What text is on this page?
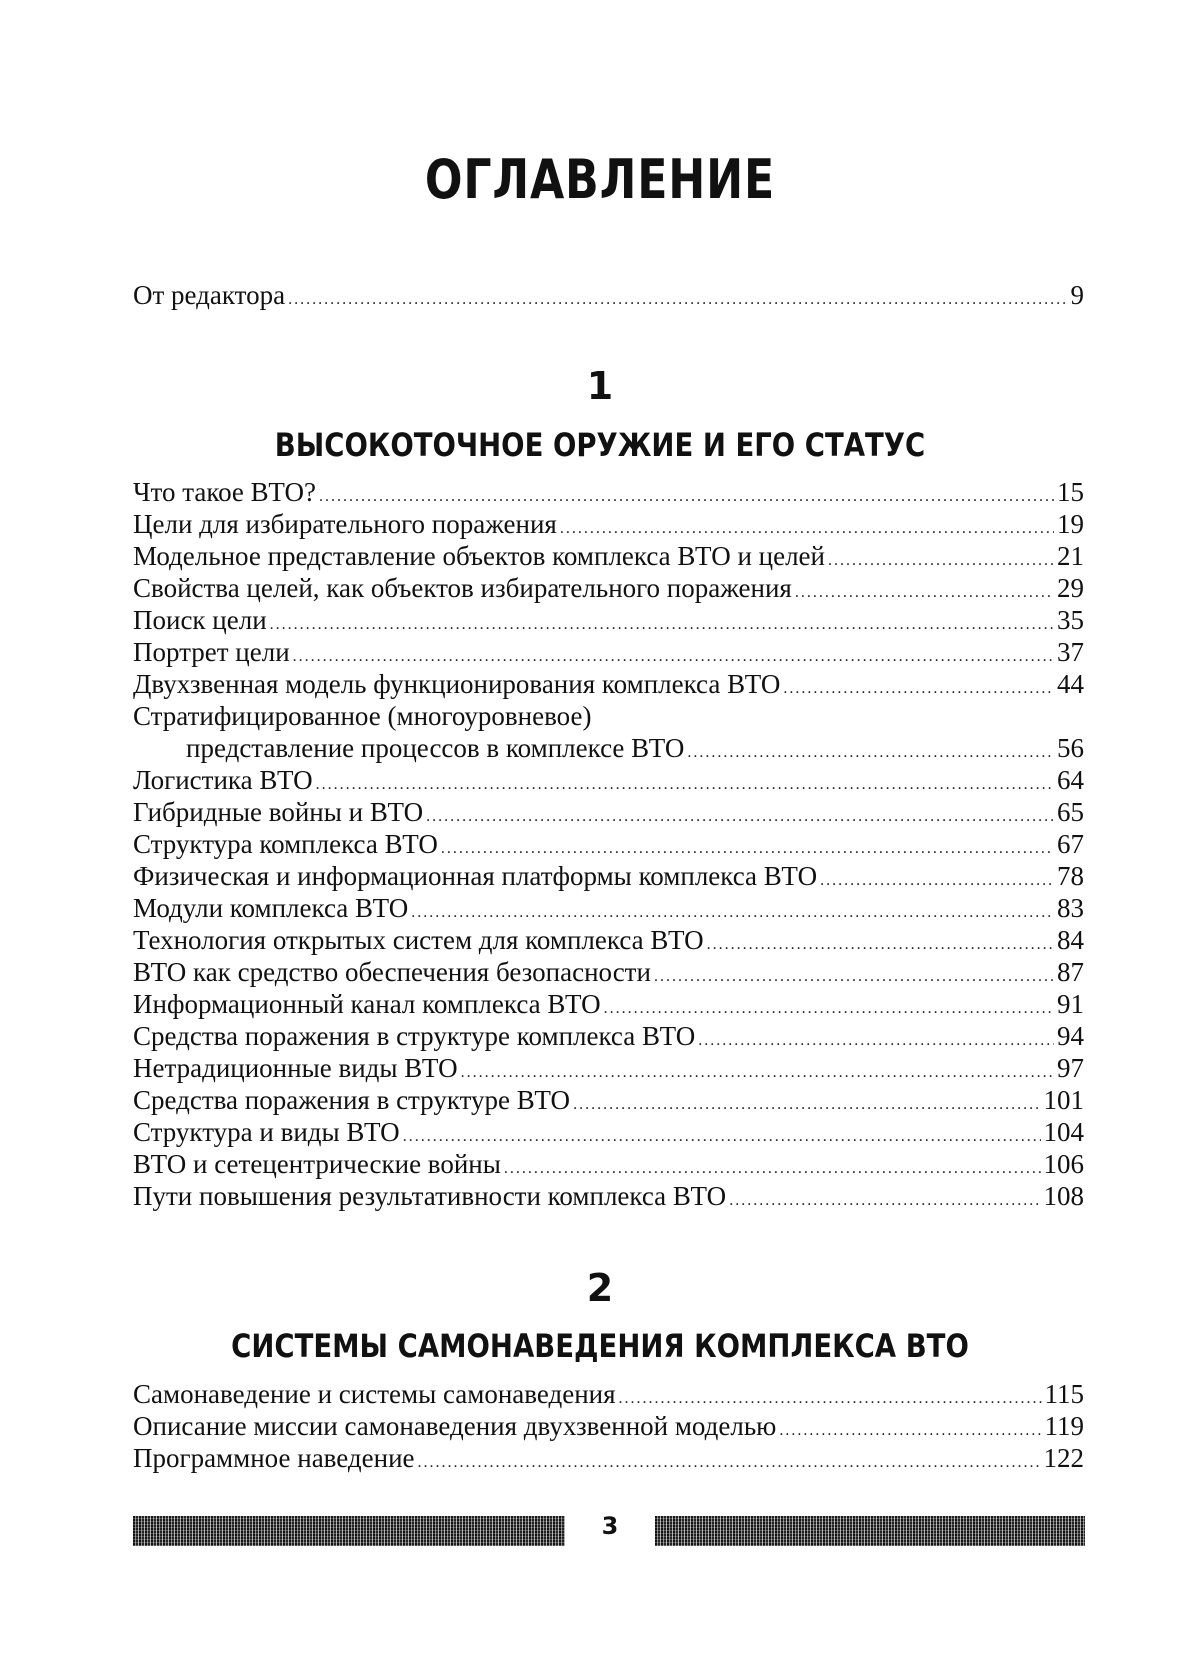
ОГЛАВЛЕНИЕ
От редактора .....	9
1
ВЫСОКОТОЧНОЕ ОРУЖИЕ И ЕГО СТАТУС
Что такое ВТО? .....	15
Цели для избирательного поражения .....	19
Модельное представление объектов комплекса ВТО и целей .....	21
Свойства целей, как объектов избирательного поражения .....	29
Поиск цели .....	35
Портрет цели .....	37
Двухзвенная модель функционирования комплекса ВТО .....	44
Стратифицированное (многоуровневое)
представление процессов в комплексе ВТО .....	56
Логистика ВТО .....	64
Гибридные войны и ВТО .....	65
Структура комплекса ВТО .....	67
Физическая и информационная платформы комплекса ВТО .....	78
Модули комплекса ВТО .....	83
Технология открытых систем для комплекса ВТО .....	84
ВТО как средство обеспечения безопасности .....	87
Информационный канал комплекса ВТО .....	91
Средства поражения в структуре комплекса ВТО .....	94
Нетрадиционные виды ВТО .....	97
Средства поражения в структуре ВТО .....	101
Структура и виды ВТО .....	104
ВТО и сетецентрические войны .....	106
Пути повышения результативности комплекса ВТО .....	108
2
СИСТЕМЫ САМОНАВЕДЕНИЯ КОМПЛЕКСА ВТО
Самонаведение и системы самонаведения .....	115
Описание миссии самонаведения двухзвенной моделью .....	119
Программное наведение .....	122
3
